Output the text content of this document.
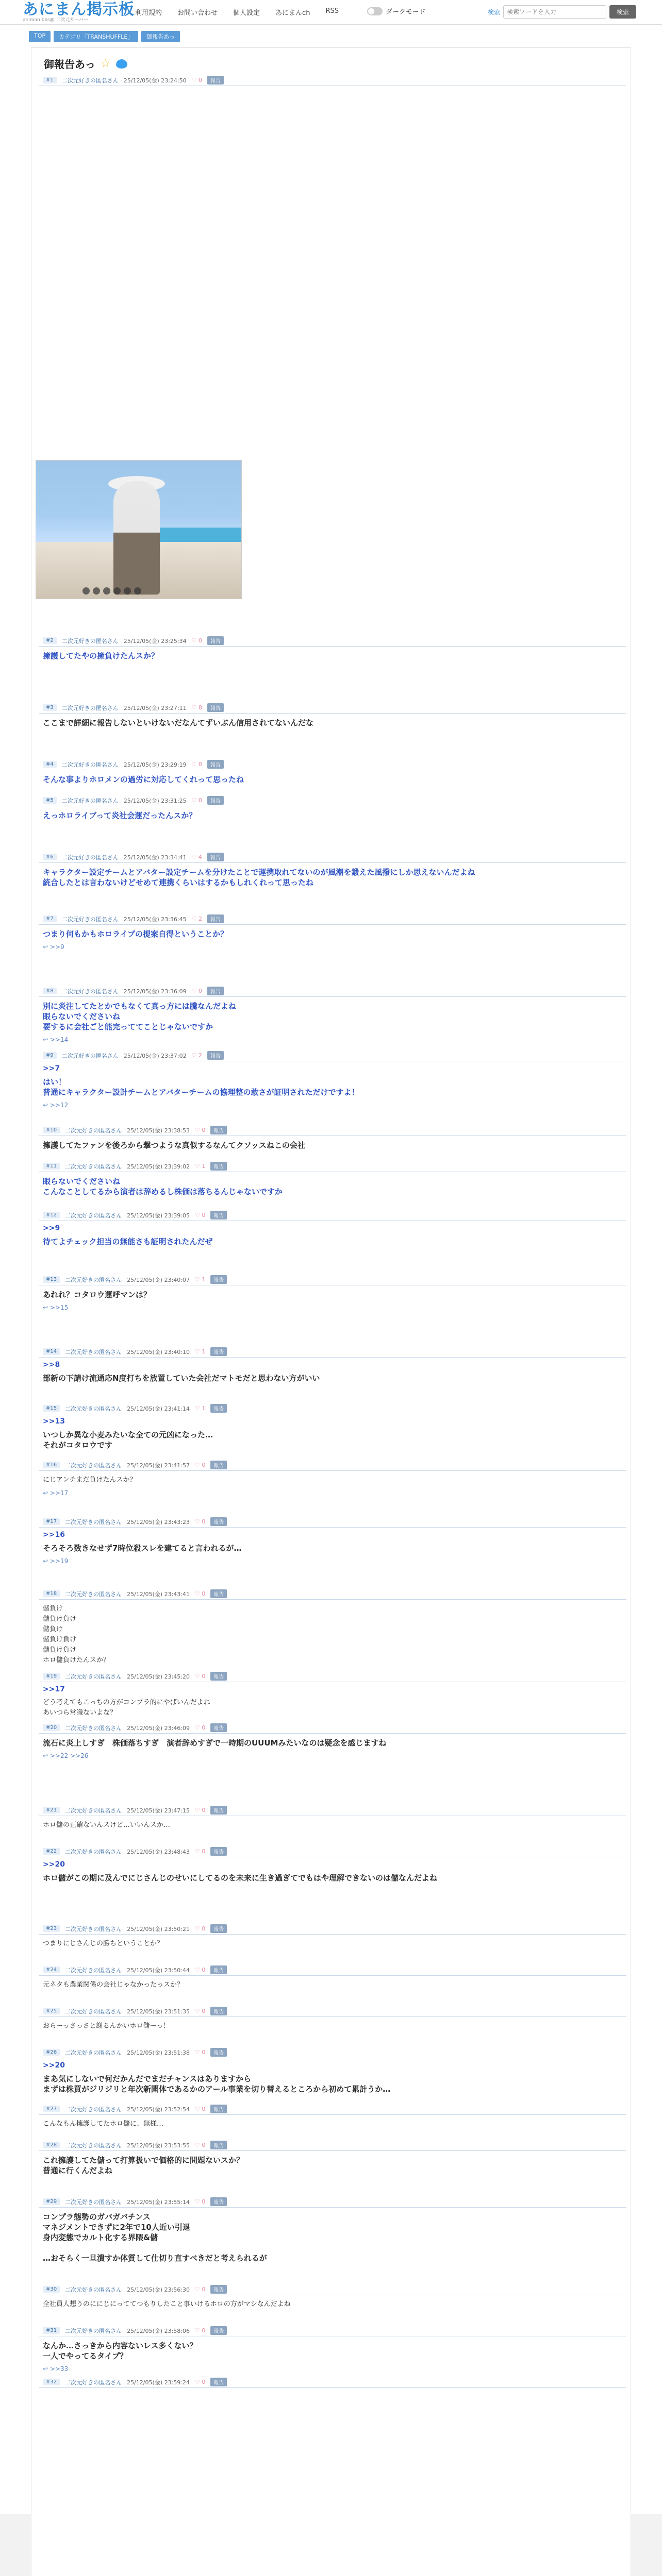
あにまん掲示板
animan bbs@ 二次元サーバー
利用規約 お問い合わせ 個人設定 あにまんch RSS	ダークモード	検索
検索ワードを入力	検索
TOP	カテゴリ「TRANSHUFFLE」	御報告あっ
御報告あっ ☆
#1	二次元好きの匿名さん 25/12/05(金) 23:24:50 ♡ 0	報告
#2	二次元好きの匿名さん 25/12/05(金) 23:25:34 ♡ 0	報告
擁護してたやの擁負けたんスか？
#3	二次元好きの匿名さん 25/12/05(金) 23:27:11 ♡ 8	報告
ここまで詳細に報告しないといけないだなんてずいぶん信用されてないんだな
#4	二次元好きの匿名さん 25/12/05(金) 23:29:19 ♡ 0	報告
そんな事よりホロメンの過労に対応してくれって思ったね
#5	二次元好きの匿名さん 25/12/05(金) 23:31:25 ♡ 0	報告
えっホロライブって炎社会運だったんスか？
#6	二次元好きの匿名さん 25/12/05(金) 23:34:41 ♡ 4	報告
キャラクター設定チームとアバター設定チームを分けたことで運携取れてないのが風潮を鍛えた風撥にしか思えないんだよね
統合したとは言わないけどせめて連携くらいはするかもしれくれって思ったね
#7	二次元好きの匿名さん 25/12/05(金) 23:36:45 ♡ 2	報告
つまり何もかもホロライブの提案自得ということか？
↩ >>9
#8	二次元好きの匿名さん 25/12/05(金) 23:36:09 ♡ 0	報告
別に炎注してたとかでもなくて真っ方には騰なんだよね
眼らないでくださいね
要するに会社ごと能完っててことじゃないですか
↩ >>14
#9	二次元好きの匿名さん 25/12/05(金) 23:37:02 ♡ 2	報告
>>7
はい！
普通にキャラクター設計チームとアバターチームの協理整の敢さが証明されただけですよ！
↩ >>12
#10	二次元好きの匿名さん 25/12/05(金) 23:38:53 ♡ 0	報告
擁護してたファンを後ろから撃つような真似するなんてクソッスねこの会社
#11	二次元好きの匿名さん 25/12/05(金) 23:39:02 ♡ 1	報告
眼らないでくださいね
こんなことしてるから演者は辞めるし株価は落ちるんじゃないですか
#12	二次元好きの匿名さん 25/12/05(金) 23:39:05 ♡ 0	報告
>>9
待てよチェック担当の無能さも証明されたんだぜ
#13	二次元好きの匿名さん 25/12/05(金) 23:40:07 ♡ 1	報告
あれれ？コタロウ運呼マンは？
↩ >>15
#14	二次元好きの匿名さん 25/12/05(金) 23:40:10 ♡ 1	報告
>>8
部新の下請け流通応N度打ちを放置していた会社だマトモだと思わない方がいい
#15	二次元好きの匿名さん 25/12/05(金) 23:41:14 ♡ 1	報告
>>13
いつしか異な小麦みたいな全ての元凶になった…
それがコタロウです
#16	二次元好きの匿名さん 25/12/05(金) 23:41:57 ♡ 0	報告
にじアンチまだ負けたんスか？
↩ >>17
#17	二次元好きの匿名さん 25/12/05(金) 23:43:23 ♡ 0	報告
>>16
そろそろ数きなせず7時位殺スレを建てると言われるが…
↩ >>19
#18	二次元好きの匿名さん 25/12/05(金) 23:43:41 ♡ 0	報告
儲負け
儲負け負け
儲負け
儲負け負け
儲負け負け
ホロ儲負けたんスか？
#19	二次元好きの匿名さん 25/12/05(金) 23:45:20 ♡ 0	報告
>>17
どう考えてもこっちの方がコンプラ的にやばいんだよね
あいつら常識ないよな？
#20	二次元好きの匿名さん 25/12/05(金) 23:46:09 ♡ 0	報告
流石に炎上しすぎ　株価落ちすぎ　演者辞めすぎで一時期のUUUMみたいなのは疑念を感じますね
↩ >>22 >>26
#21	二次元好きの匿名さん 25/12/05(金) 23:47:15 ♡ 0	報告
ホロ儲の正確ないんスけど…いいんスか…
#22	二次元好きの匿名さん 25/12/05(金) 23:48:43 ♡ 0	報告
>>20
ホロ儲がこの期に及んでにじさんじのせいにしてるのを未来に生き過ぎてでもはや理解できないのは儲なんだよね
#23	二次元好きの匿名さん 25/12/05(金) 23:50:21 ♡ 0	報告
つまりにじさんじの勝ちということか？
#24	二次元好きの匿名さん 25/12/05(金) 23:50:44 ♡ 0	報告
元ネタも農業関係の会社じゃなかったっスか？
#25	二次元好きの匿名さん 25/12/05(金) 23:51:35 ♡ 0	報告
おらーっさっさと謝るんかいホロ儲ーっ！
#26	二次元好きの匿名さん 25/12/05(金) 23:51:38 ♡ 0	報告
>>20
まあ気にしないで何だかんだでまだチャンスはありますから
まずは株買がジリジリと年次新聞体であるかのアール事業を切り替えるところから初めて累計うか…
#27	二次元好きの匿名さん 25/12/05(金) 23:52:54 ♡ 0	報告
こんなもん擁護してたホロ儲に、無様…
#28	二次元好きの匿名さん 25/12/05(金) 23:53:55 ♡ 0	報告
これ擁護してた儲って打算扱いで価格的に問題ないスか？
普通に行くんだよね
#29	二次元好きの匿名さん 25/12/05(金) 23:55:14 ♡ 0	報告
コンプラ態勢のガバガバチンス
マネジメントできずに2年で10人近い引退
身内変態でカルト化する界隈&儲

…おそらく一旦潰すか体質して仕切り直すべきだと考えられるが
#30	二次元好きの匿名さん 25/12/05(金) 23:56:30 ♡ 0	報告
全社員人想うのににじにっててつもりしたこと事いけるホロの方がマシなんだよね
#31	二次元好きの匿名さん 25/12/05(金) 23:58:06 ♡ 0	報告
なんか…さっきから内容ないレス多くない？
一人でやってるタイプ？
↩ >>33
#32	二次元好きの匿名さん 25/12/05(金) 23:59:24 ♡ 0	報告
